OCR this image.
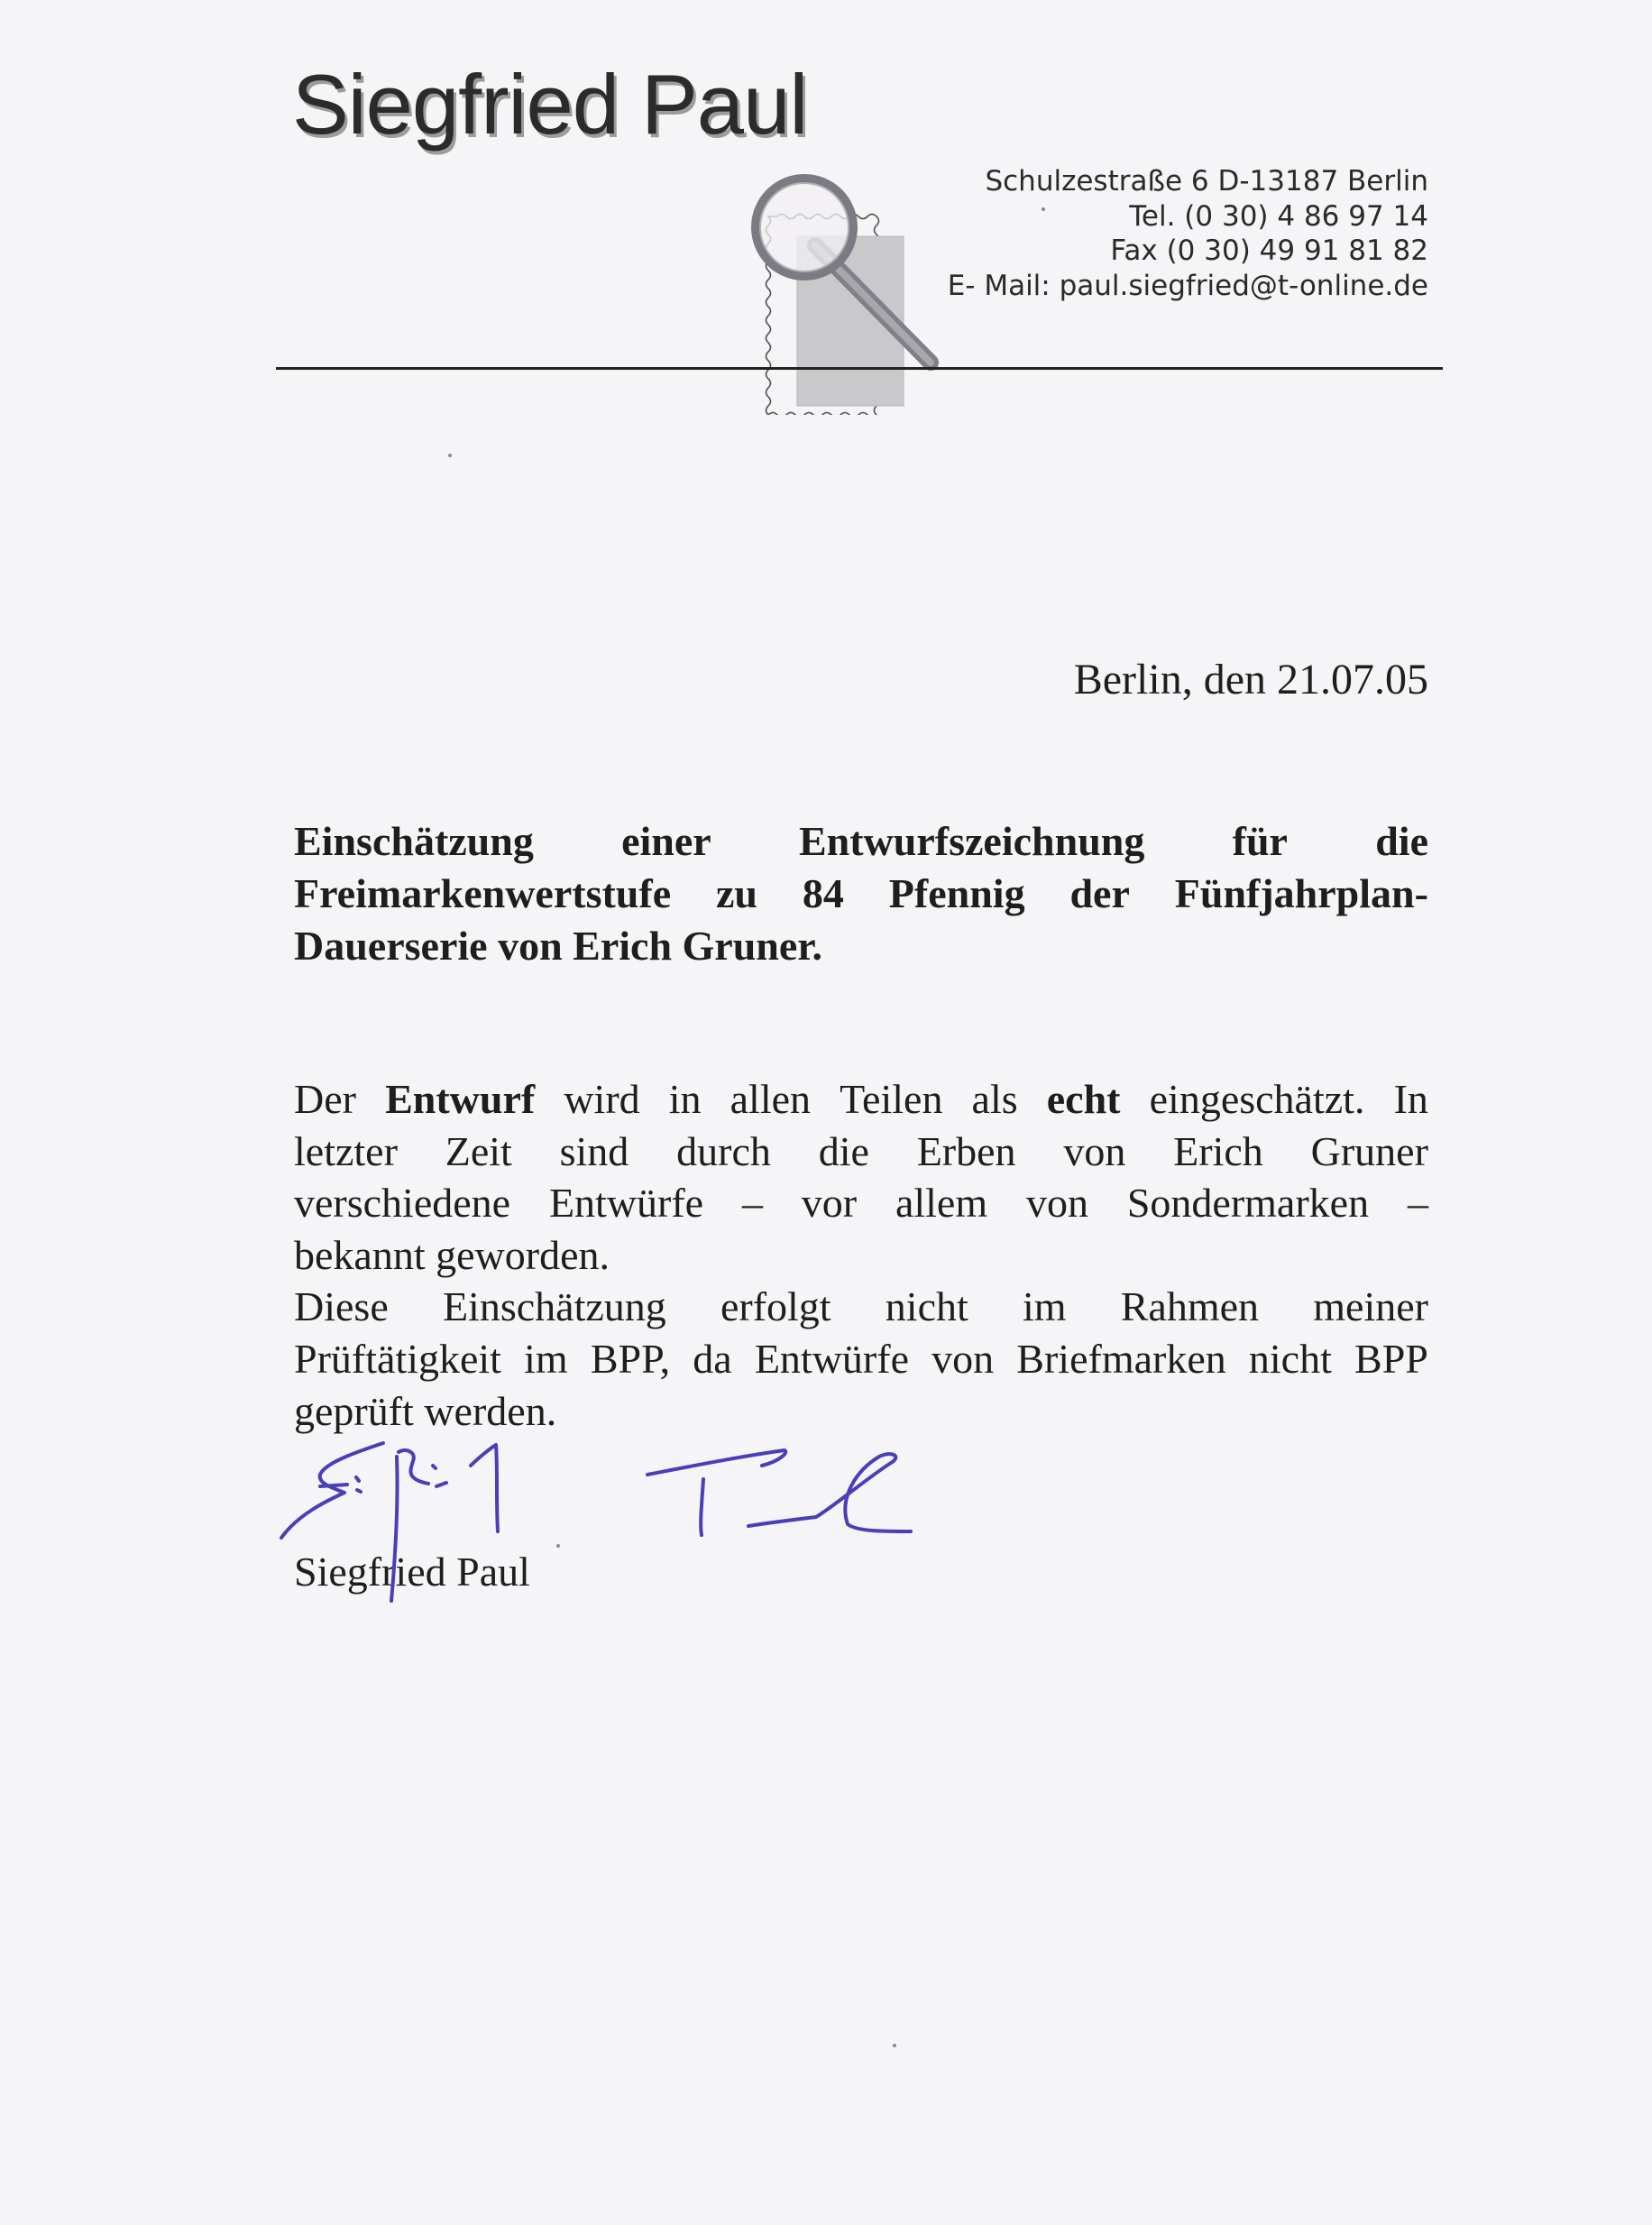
Siegfried Paul
Schulzestraße 6 D-13187 Berlin
Tel. (0 30) 4 86 97 14
Fax (0 30) 49 91 81 82
E- Mail: paul.siegfried@t-online.de
Berlin, den 21.07.05
Einschätzung einer Entwurfszeichnung für die
Freimarkenwertstufe zu 84 Pfennig der Fünfjahrplan-
Dauerserie von Erich Gruner.
Der Entwurf wird in allen Teilen als echt eingeschätzt. In
letzter Zeit sind durch die Erben von Erich Gruner
verschiedene Entwürfe – vor allem von Sondermarken –
bekannt geworden.
Diese Einschätzung erfolgt nicht im Rahmen meiner
Prüftätigkeit im BPP, da Entwürfe von Briefmarken nicht BPP
geprüft werden.
Siegfried Paul
